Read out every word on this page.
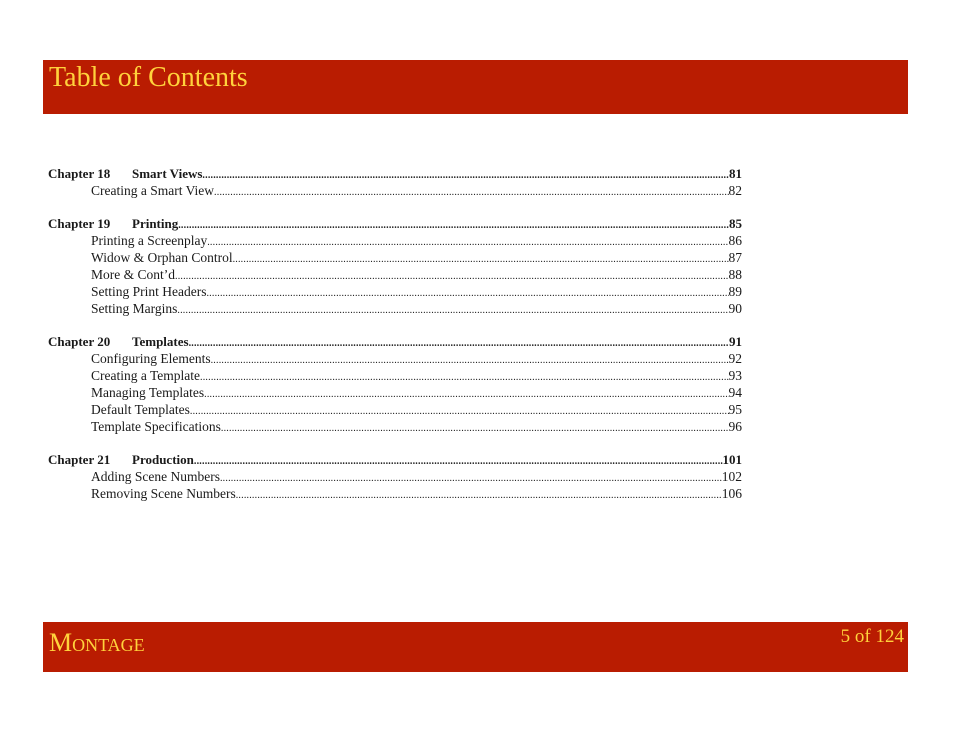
Table of Contents
Chapter 18	Smart Views .....	81
Creating a Smart View .....	82
Chapter 19	Printing .....	85
Printing a Screenplay .....	86
Widow & Orphan Control .....	87
More & Cont’d .....	88
Setting Print Headers .....	89
Setting Margins .....	90
Chapter 20	Templates .....	91
Configuring Elements .....	92
Creating a Template .....	93
Managing Templates .....	94
Default Templates .....	95
Template Specifications .....	96
Chapter 21	Production .....	101
Adding Scene Numbers .....	102
Removing Scene Numbers .....	106
Montage	5 of 124
